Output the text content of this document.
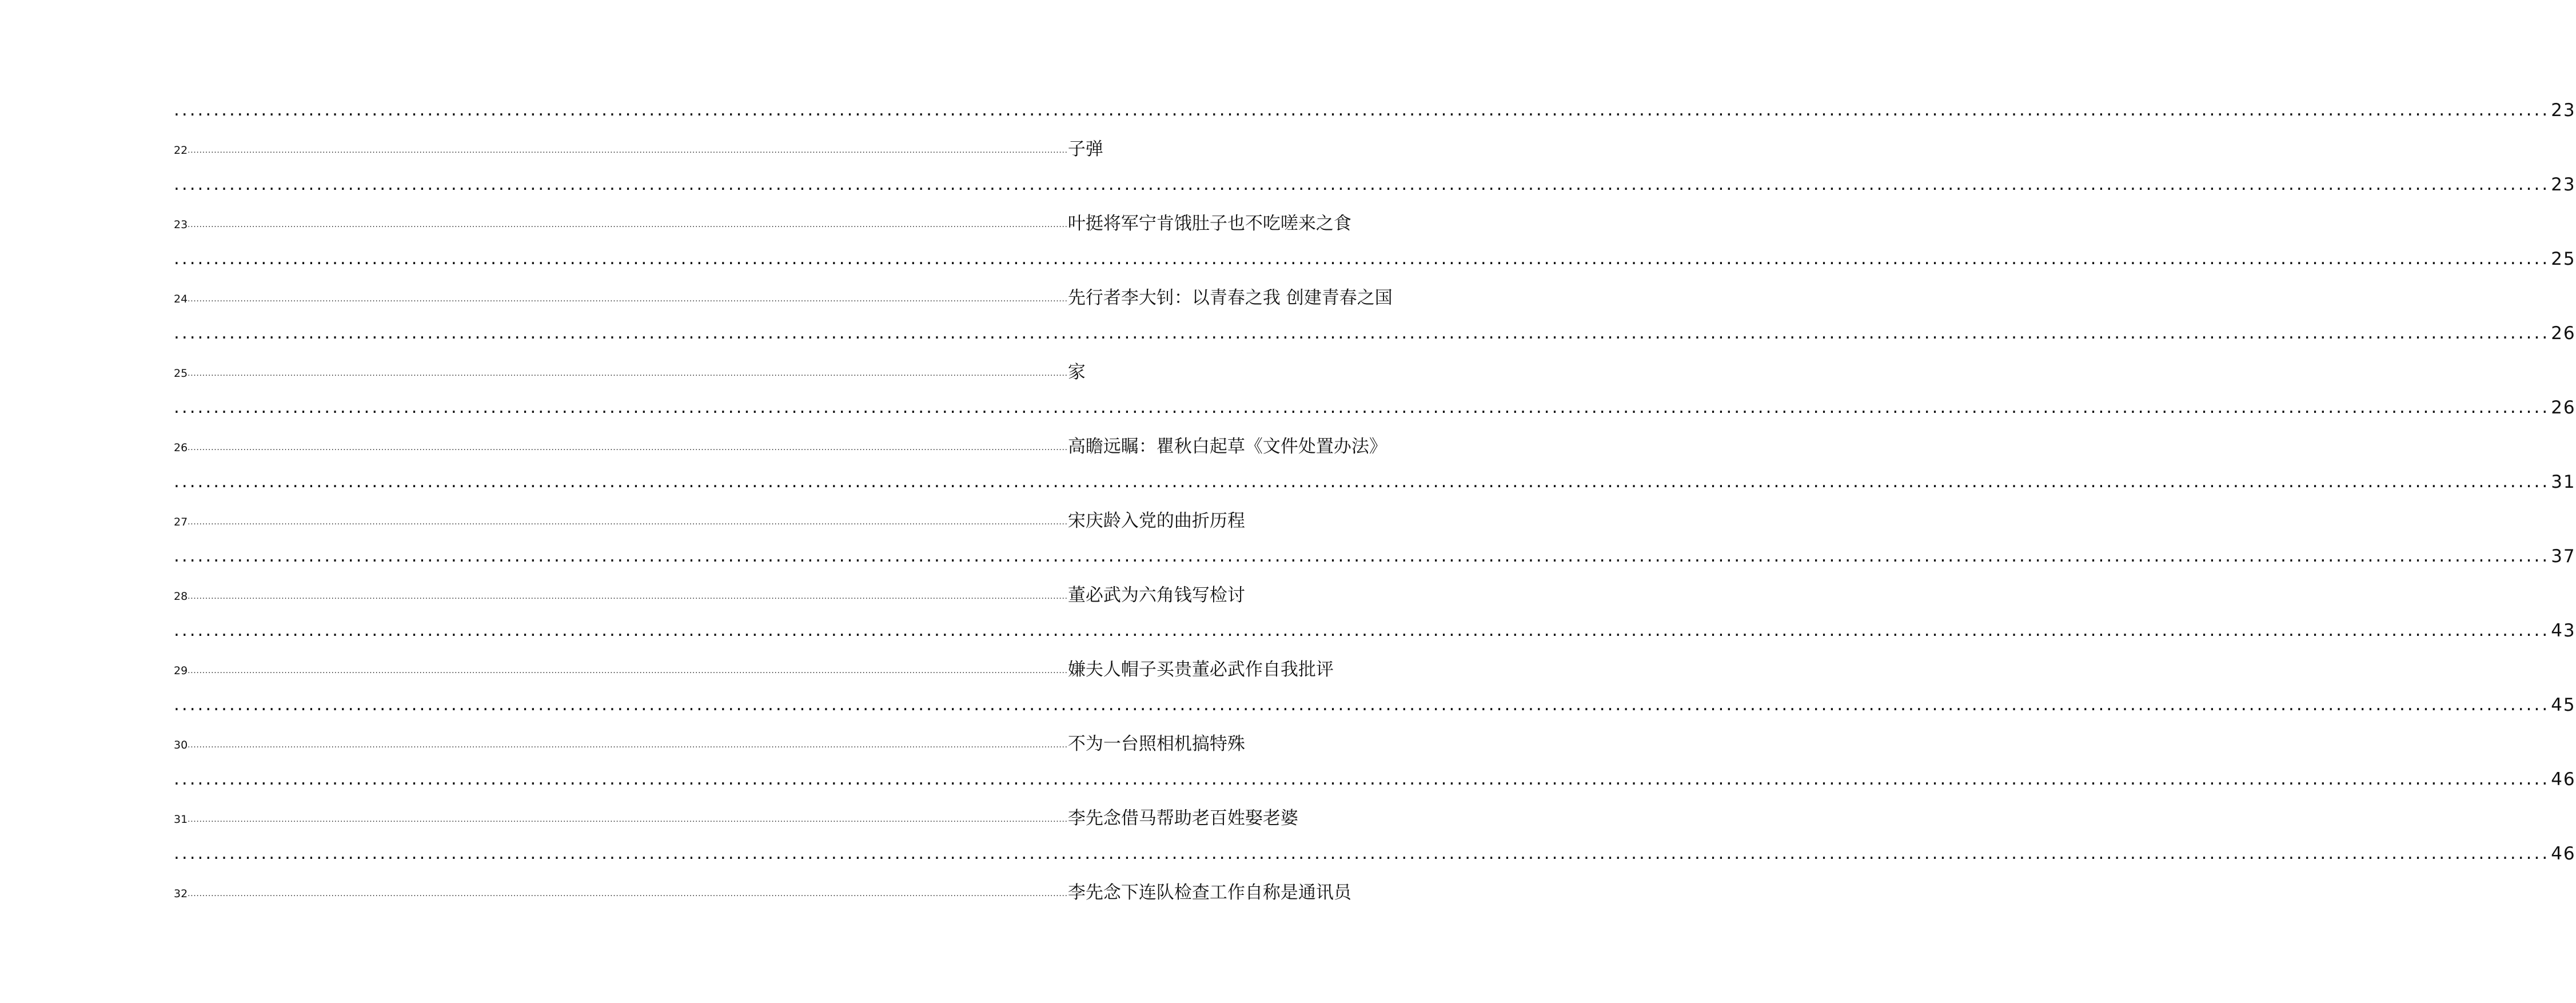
............................................................................................................................................................................................................................................................................................................ 23
22 ............................................................................................................................................................................................................................................................................................................ 子弹
............................................................................................................................................................................................................................................................................................................ 23
23 ............................................................................................................................................................................................................................................................................................................ 叶挺将军宁肯饿肚子也不吃嗟来之食
............................................................................................................................................................................................................................................................................................................ 25
24 ............................................................................................................................................................................................................................................................................................................ 先行者李大钊：以青春之我 创建青春之国
............................................................................................................................................................................................................................................................................................................ 26
25 ............................................................................................................................................................................................................................................................................................................ 家
............................................................................................................................................................................................................................................................................................................ 26
26 ............................................................................................................................................................................................................................................................................................................ 高瞻远瞩：瞿秋白起草《文件处置办法》
............................................................................................................................................................................................................................................................................................................ 31
27 ............................................................................................................................................................................................................................................................................................................ 宋庆龄入党的曲折历程
............................................................................................................................................................................................................................................................................................................ 37
28 ............................................................................................................................................................................................................................................................................................................ 董必武为六角钱写检讨
............................................................................................................................................................................................................................................................................................................ 43
29 ............................................................................................................................................................................................................................................................................................................ 嫌夫人帽子买贵董必武作自我批评
............................................................................................................................................................................................................................................................................................................ 45
30 ............................................................................................................................................................................................................................................................................................................ 不为一台照相机搞特殊
............................................................................................................................................................................................................................................................................................................ 46
31 ............................................................................................................................................................................................................................................................................................................ 李先念借马帮助老百姓娶老婆
............................................................................................................................................................................................................................................................................................................ 46
32 ............................................................................................................................................................................................................................................................................................................ 李先念下连队检查工作自称是通讯员
